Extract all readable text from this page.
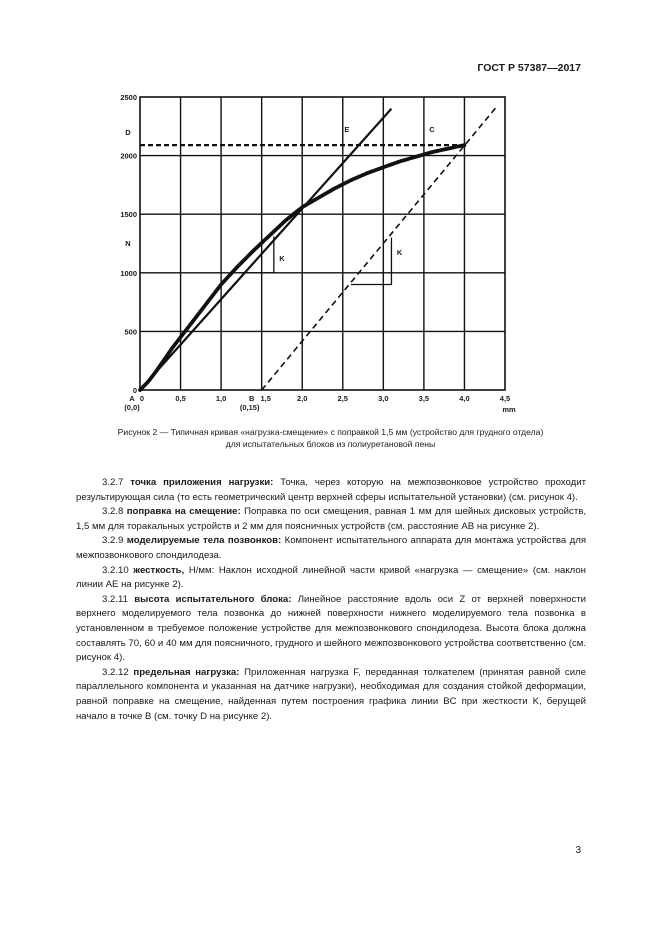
ГОСТ Р 57387—2017
0	0,5	1,0	1,5	2,0	2,5	3,0	3,5	4,0	4,5
0
500
1000
1500
2000
2500
mm
N
A
(0,0)
B
(0,15)
D	E	C
K
K
Рисунок 2 — Типичная кривая «нагрузка-смещение» с поправкой 1,5 мм (устройство для грудного отдела)
для испытательных блоков из полиуретановой пены

3.2.7 точка приложения нагрузки: Точка, через которую на межпозвонковое устройство проходит результирующая сила (то есть геометрический центр верхней сферы испытательной установки) (см. рисунок 4).

3.2.8 поправка на смещение: Поправка по оси смещения, равная 1 мм для шейных дисковых устройств, 1,5 мм для торакальных устройств и 2 мм для поясничных устройств (см. расстояние AB на рисунке 2).

3.2.9 моделируемые тела позвонков: Компонент испытательного аппарата для монтажа устройства для межпозвонкового спондилодеза.

3.2.10 жесткость, Н/мм: Наклон исходной линейной части кривой «нагрузка — смещение» (см. наклон линии AE на рисунке 2).

3.2.11 высота испытательного блока: Линейное расстояние вдоль оси Z от верхней поверхности верхнего моделируемого тела позвонка до нижней поверхности нижнего моделируемого тела позвонка в установленном в требуемое положение устройстве для межпозвонкового спондилодеза. Высота блока должна составлять 70, 60 и 40 мм для поясничного, грудного и шейного межпозвонкового устройства соответственно (см. рисунок 4).

3.2.12 предельная нагрузка: Приложенная нагрузка F, переданная толкателем (принятая равной силе параллельного компонента и указанная на датчике нагрузки), необходимая для создания стойкой деформации, равной поправке на смещение, найденная путем построения графика линии BC при жесткости K, берущей начало в точке B (см. точку D на рисунке 2).

3
